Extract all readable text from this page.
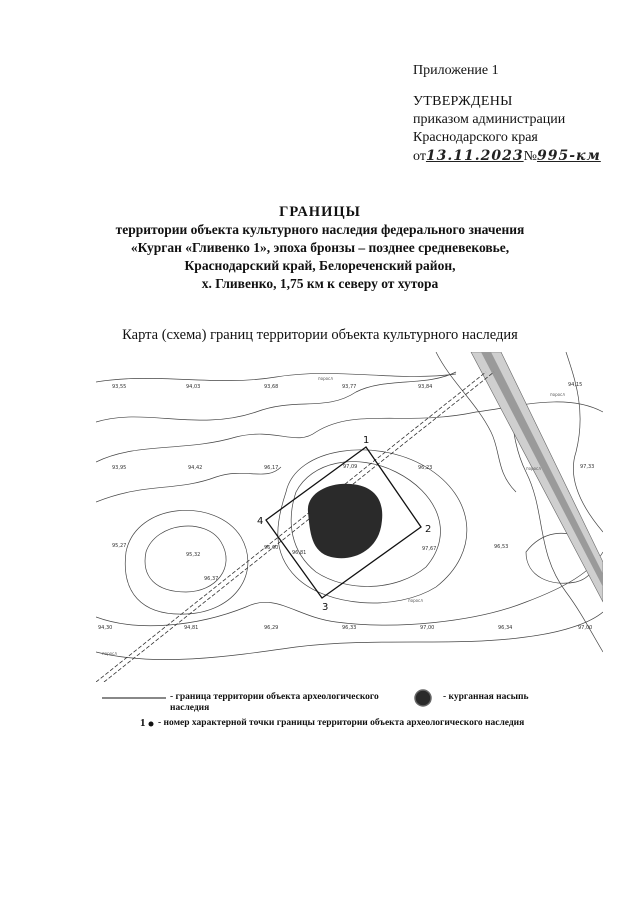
Приложение 1
УТВЕРЖДЕНЫ
приказом администрации
Краснодарского края
от13.11.2023№995-км
ГРАНИЦЫ
территории объекта культурного наследия федерального значения
«Курган «Гливенко 1», эпоха бронзы – позднее средневековье,
Краснодарский край, Белореченский район,
х. Гливенко, 1,75 км к северу от хутора
Карта (схема) границ территории объекта культурного наследия
1
2
3
4
93,55	94,03	93,68	93,77	93,84	94,15
93,95	94,42	96,17	97,09	96,23	97,33
95,27
95,32
96,37
96,60
96,81
97,67	96,53
94,30	94,81	96,29	96,33	97,00	96,34	97,00
поросл
поросл
поросл
поросл
поросл
- граница территории объекта археологического наследия
- курганная насыпь
1 - номер характерной точки границы территории объекта археологического наследия
